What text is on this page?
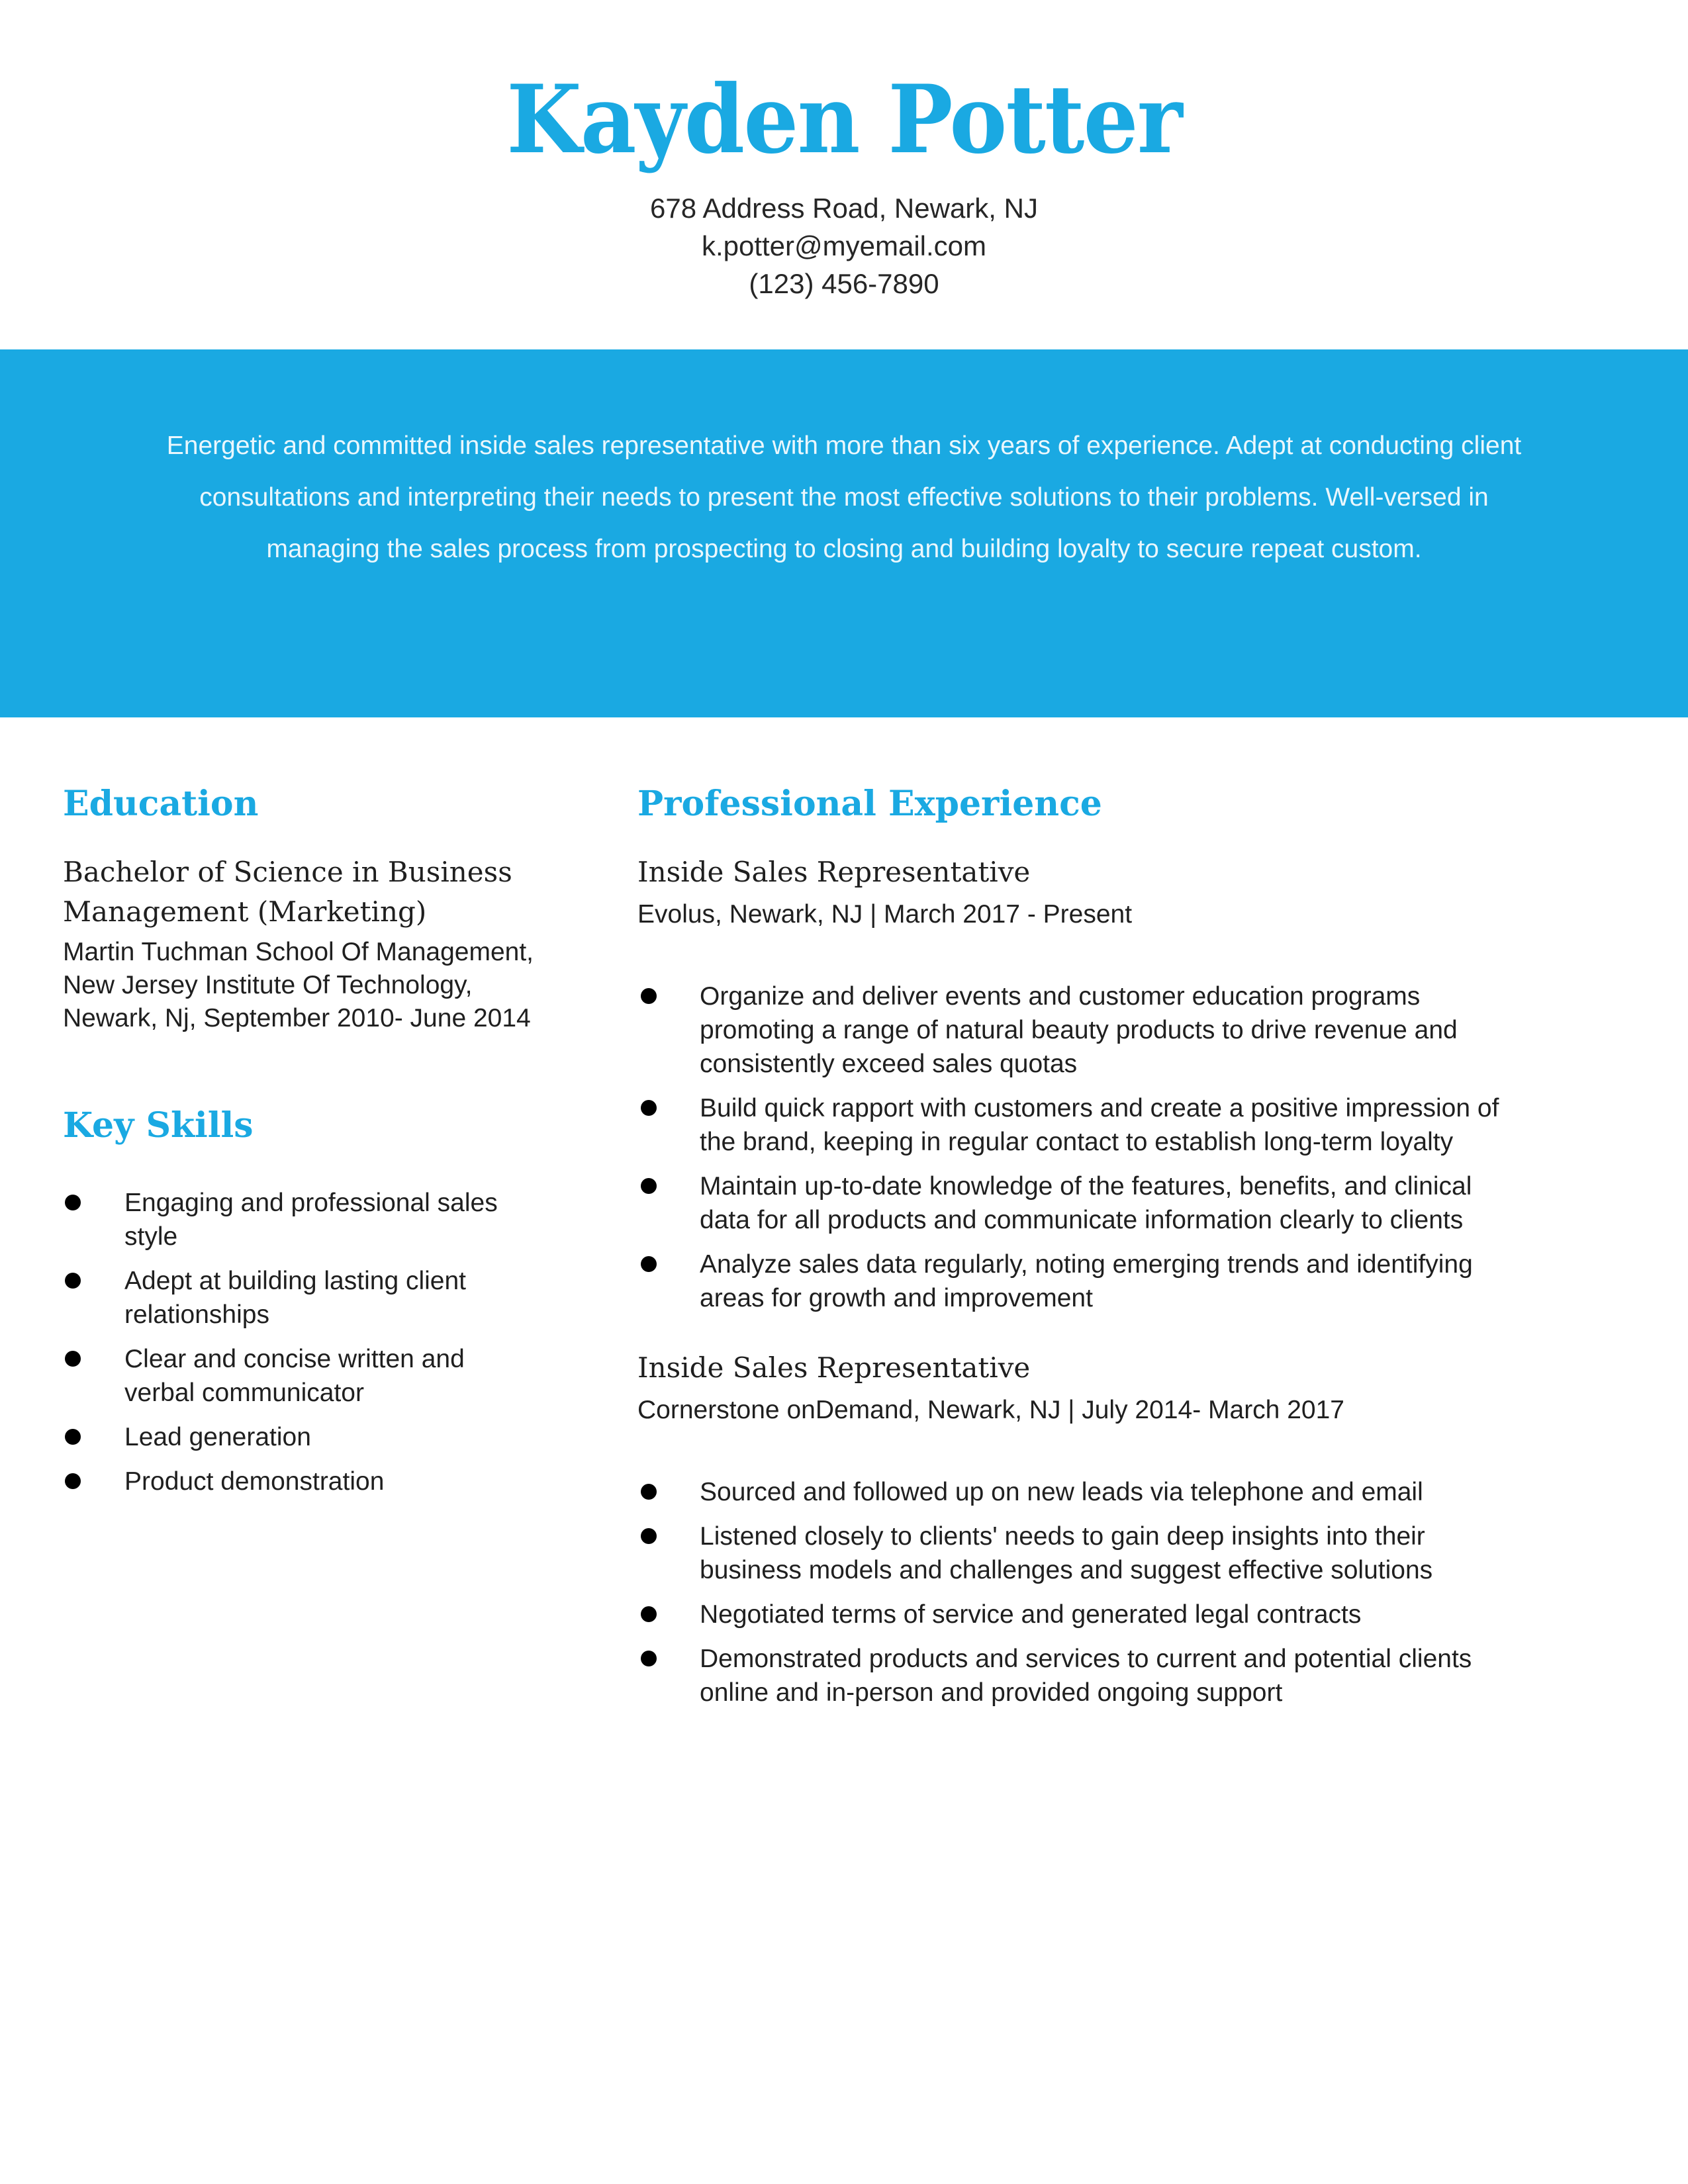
Kayden Potter
678 Address Road, Newark, NJ
k.potter@myemail.com
(123) 456-7890
Energetic and committed inside sales representative with more than six years of experience. Adept at conducting client consultations and interpreting their needs to present the most effective solutions to their problems. Well-versed in managing the sales process from prospecting to closing and building loyalty to secure repeat custom.
Education
Bachelor of Science in Business Management (Marketing)
Martin Tuchman School Of Management, New Jersey Institute Of Technology, Newark, Nj, September 2010- June 2014
Key Skills
Engaging and professional sales style
Adept at building lasting client relationships
Clear and concise written and verbal communicator
Lead generation
Product demonstration
Professional Experience
Inside Sales Representative
Evolus, Newark, NJ | March 2017 - Present
Organize and deliver events and customer education programs promoting a range of natural beauty products to drive revenue and consistently exceed sales quotas
Build quick rapport with customers and create a positive impression of the brand, keeping in regular contact to establish long-term loyalty
Maintain up-to-date knowledge of the features, benefits, and clinical data for all products and communicate information clearly to clients
Analyze sales data regularly, noting emerging trends and identifying areas for growth and improvement
Inside Sales Representative
Cornerstone onDemand, Newark, NJ | July 2014- March 2017
Sourced and followed up on new leads via telephone and email
Listened closely to clients' needs to gain deep insights into their business models and challenges and suggest effective solutions
Negotiated terms of service and generated legal contracts
Demonstrated products and services to current and potential clients online and in-person and provided ongoing support
